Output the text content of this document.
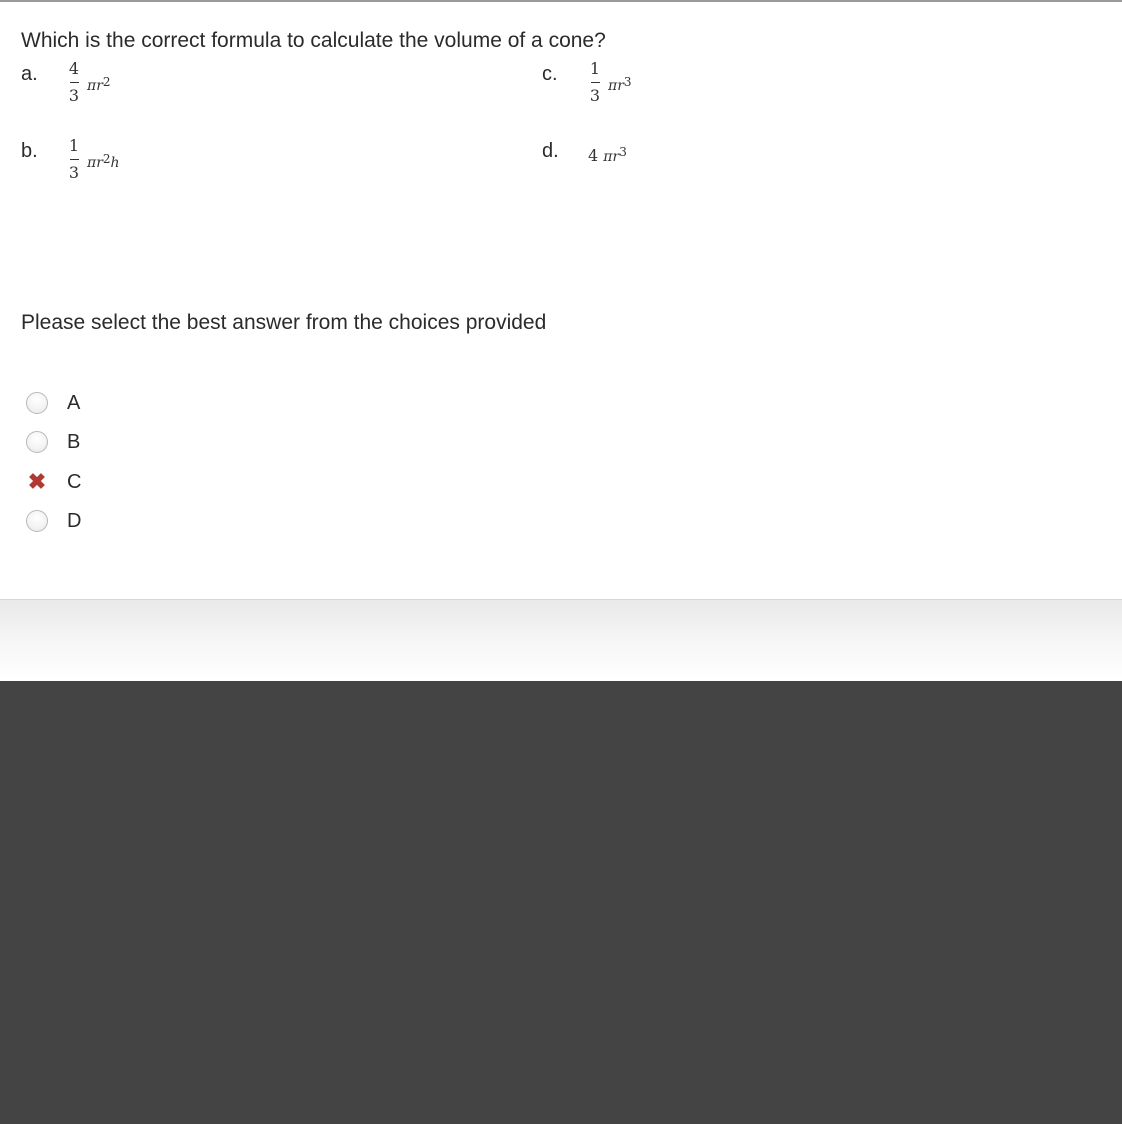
Which is the correct formula to calculate the volume of a cone?
a. 4
3 $\pi r^2$
b. 1
3 $\pi r^2h$
c. 1
3 $\pi r^3$
d. 4 $\pi r^3$
Please select the best answer from the choices provided
A
B
✖ C
D
